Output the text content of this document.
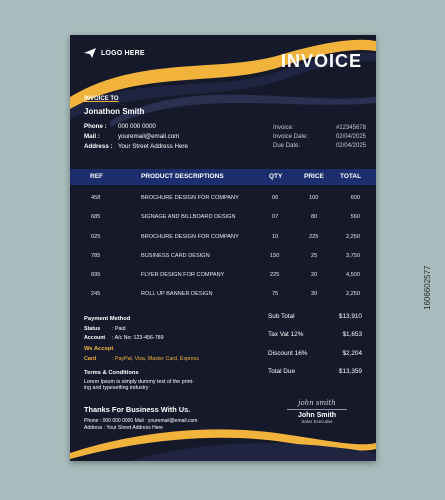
LOGO HERE	INVOICE
INVOICE TO
Jonathon Smith
Phone :	000 000 0000
Mail :	youremail@email.com
Address : Your Street Address Here
Invoice:	#12345678
Invoice Date:	02/04/2025
Due Date:	02/04/2025
REF	PRODUCT DESCRIPTIONS	QTY	PRICE TOTAL
458	BROCHURE DESIGN FOR COMPANY	06	100	600
685	SIGNAGE AND BILLBOARD DESIGN	07	80	560
025	BROCHURE DESIGN FOR COMPANY	10	225	2,250
785	BUSINESS CARD DESIGN	150	25	3,750
695	FLYER DESIGN FOR COMPANY	225	20	4,500
245	ROLL UP BANNER DESIGN	75	30	2,250
Payment Method
Status	: Paid
Account	: A/c No: 123-456-789
We Accept
Card	: PayPal, Visa, Master Card, Express
Terms & Conditions
Lorem Ipsum is simply dummy text of the print-
ing and typesetting industry
Sub Total	$13,910
Tax Vat 12%	$1,653
Discount 16%	$2,204
Total Due	$13,359
Thanks For Business With Us.
Phone : 000 000 0000 Mail : youremail@email.com
Address : Your Street Address Here
john smith
John Smith
Sales Executive
1606602577
